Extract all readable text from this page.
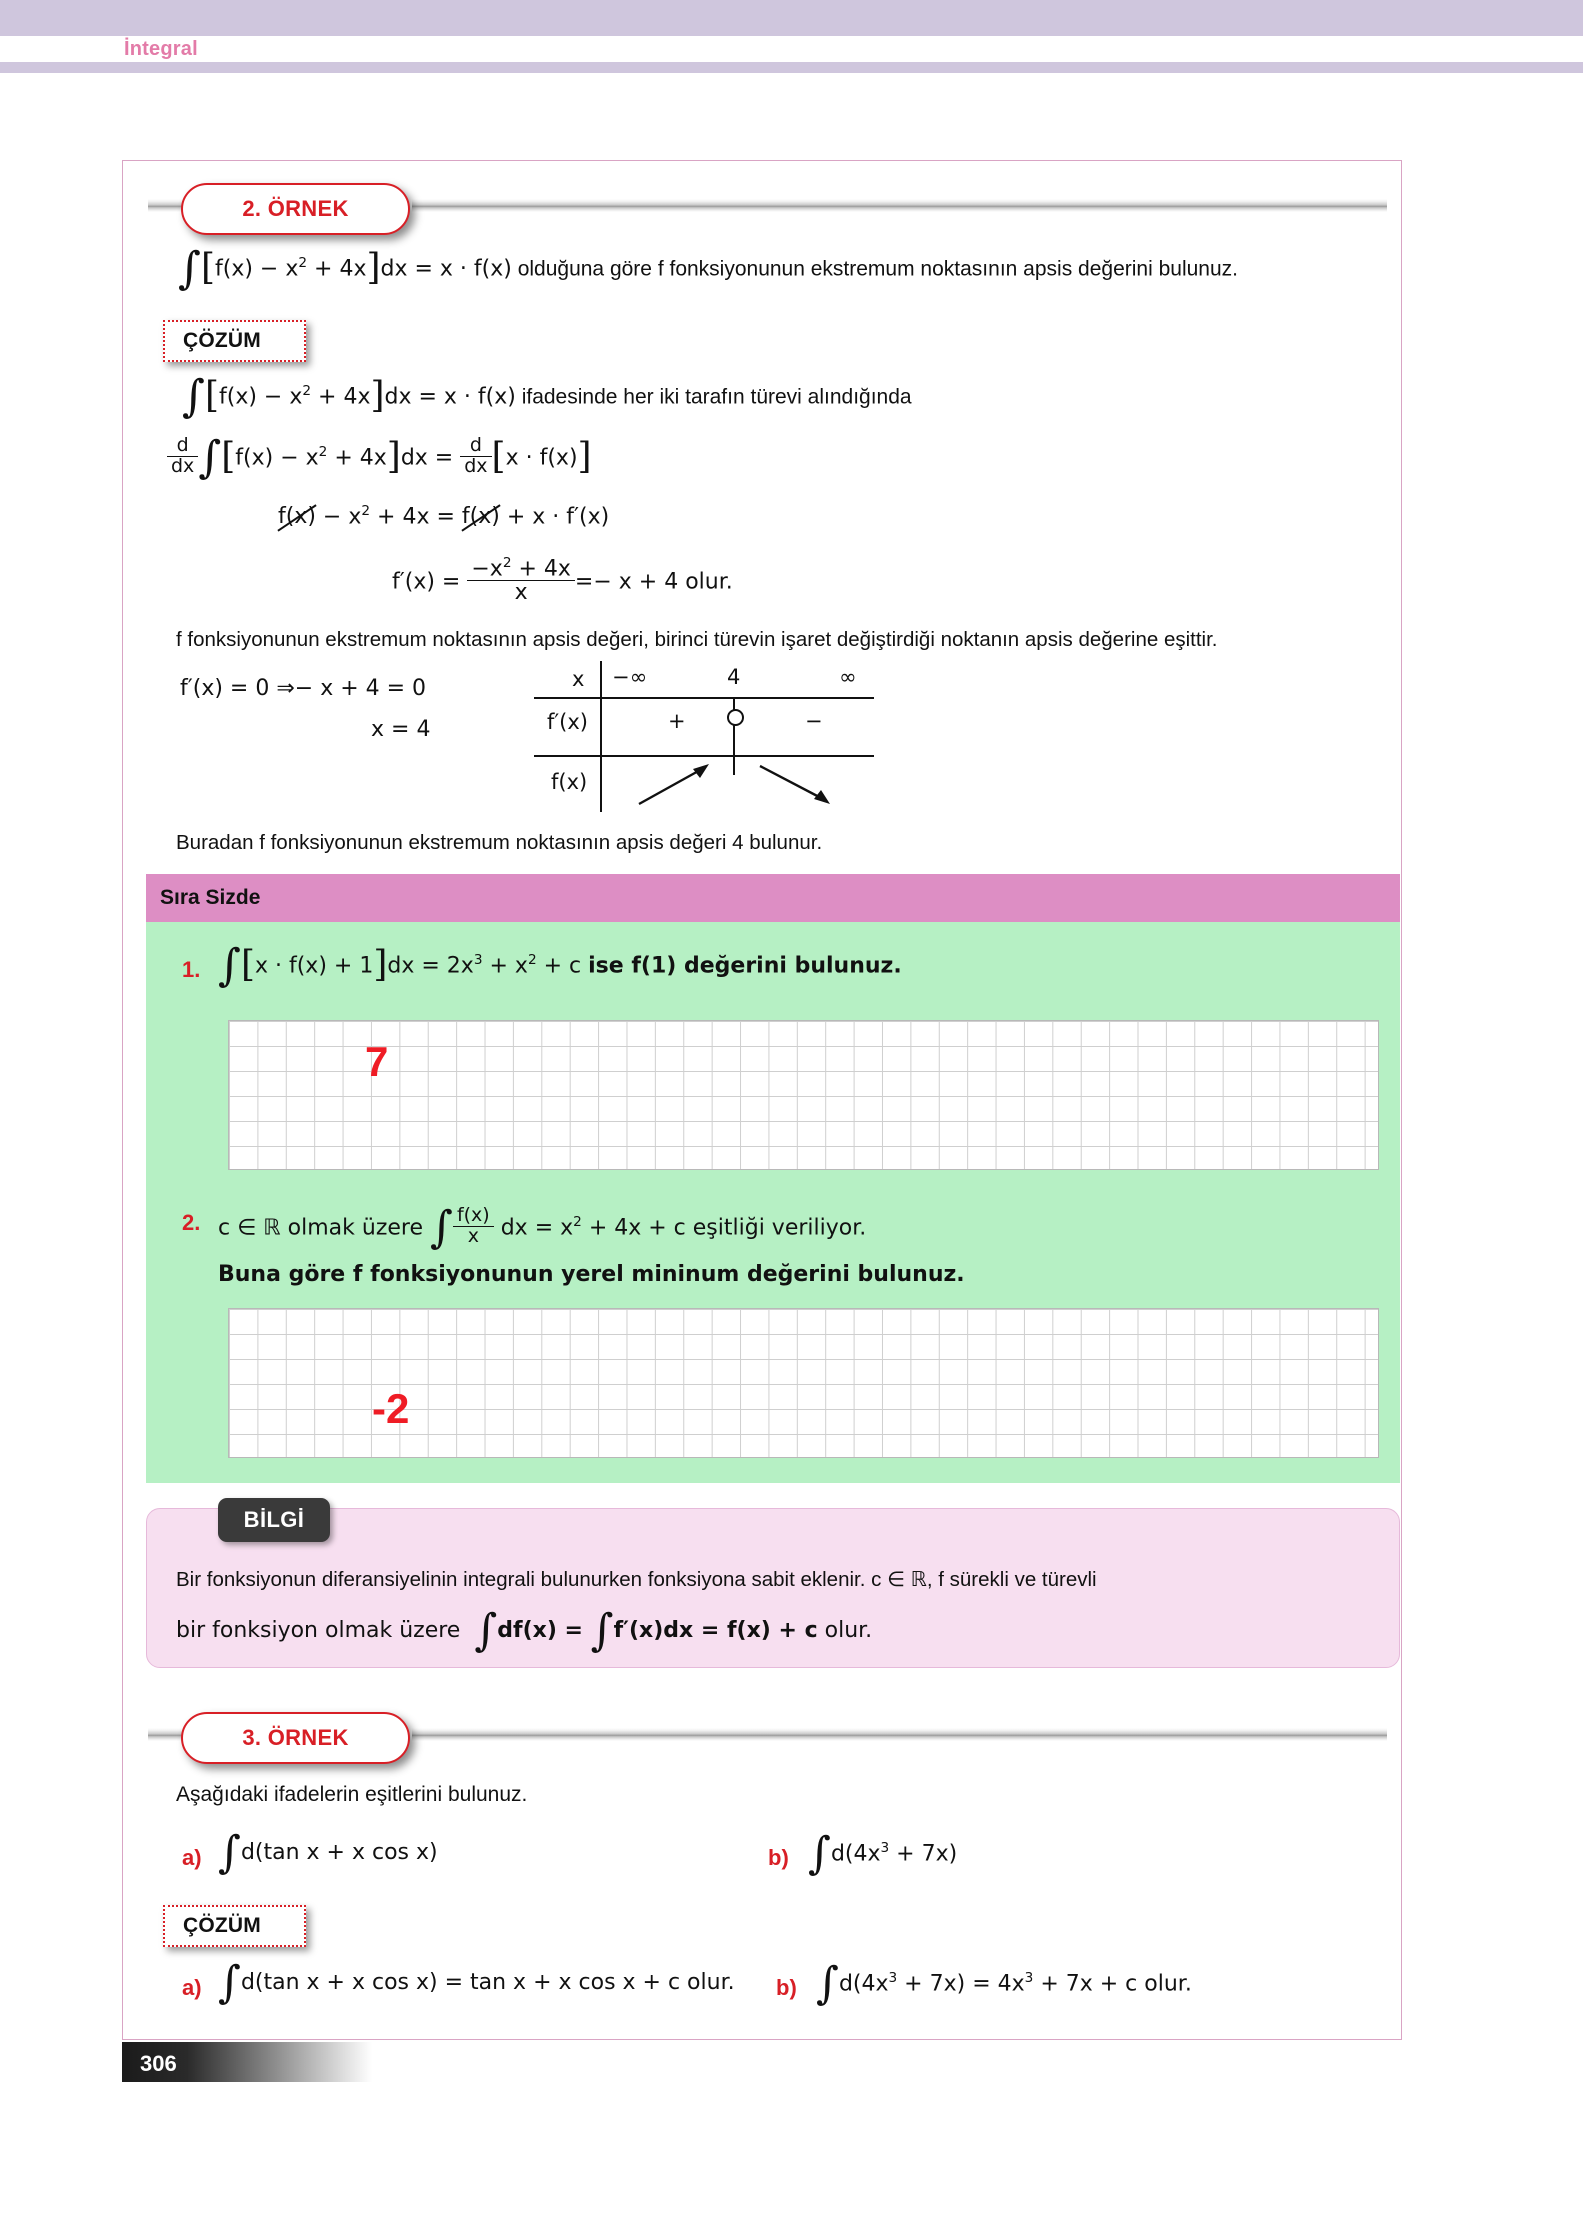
İntegral
2. ÖRNEK
$\int[f(x) - x^2 + 4x]dx = x \cdot f(x)$ olduğuna göre f fonksiyonunun ekstremum noktasının apsis değerini bulunuz.
ÇÖZÜM
$\int[f(x) - x^2 + 4x]dx = x \cdot f(x)$ ifadesinde her iki tarafın türevi alındığında
$\frac{d}{dx} \int[f(x) - x^2 + 4x]dx = \frac{d}{dx} [x \cdot f(x)]$
$f(x) - x^2 + 4x = f(x) + x \cdot f'(x)$
$f'(x) = \frac{-x^2 + 4x}{x} =- x + 4$ olur.
f fonksiyonunun ekstremum noktasının apsis değeri, birinci türevin işaret değiştirdiği noktanın apsis değerine eşittir.
f′(x) = 0 ⇒− x + 4 = 0
x = 4
x −∞	4	∞
f′(x)	+	−
f(x)
Buradan f fonksiyonunun ekstremum noktasının apsis değeri 4 bulunur.
Sıra Sizde
1. $\int[x \cdot f(x) + 1]dx = 2x^3 + x^2 + c$ ise f(1) değerini bulunuz.
7
2. c ∈ ℝ olmak üzere ∫ $\frac{f(x)}{x}$ dx = $x^2 + 4x + c$ eşitliği veriliyor.
Buna göre f fonksiyonunun yerel mininum değerini bulunuz.
-2
BİLGİ
Bir fonksiyonun diferansiyelinin integrali bulunurken fonksiyona sabit eklenir. c ∈ ℝ, f sürekli ve türevli
bir fonksiyon olmak üzere ∫df(x) = ∫f′(x)dx = f(x) + c olur.
3. ÖRNEK
Aşağıdaki ifadelerin eşitlerini bulunuz.
a) ∫d(tan x + x cos x)	b) $\int d(4x^3 + 7x)$
ÇÖZÜM
a) ∫d(tan x + x cos x) = tan x + x cos x + c olur. b) $\int d(4x^3 + 7x) = 4x^3 + 7x + c$ olur.
306
